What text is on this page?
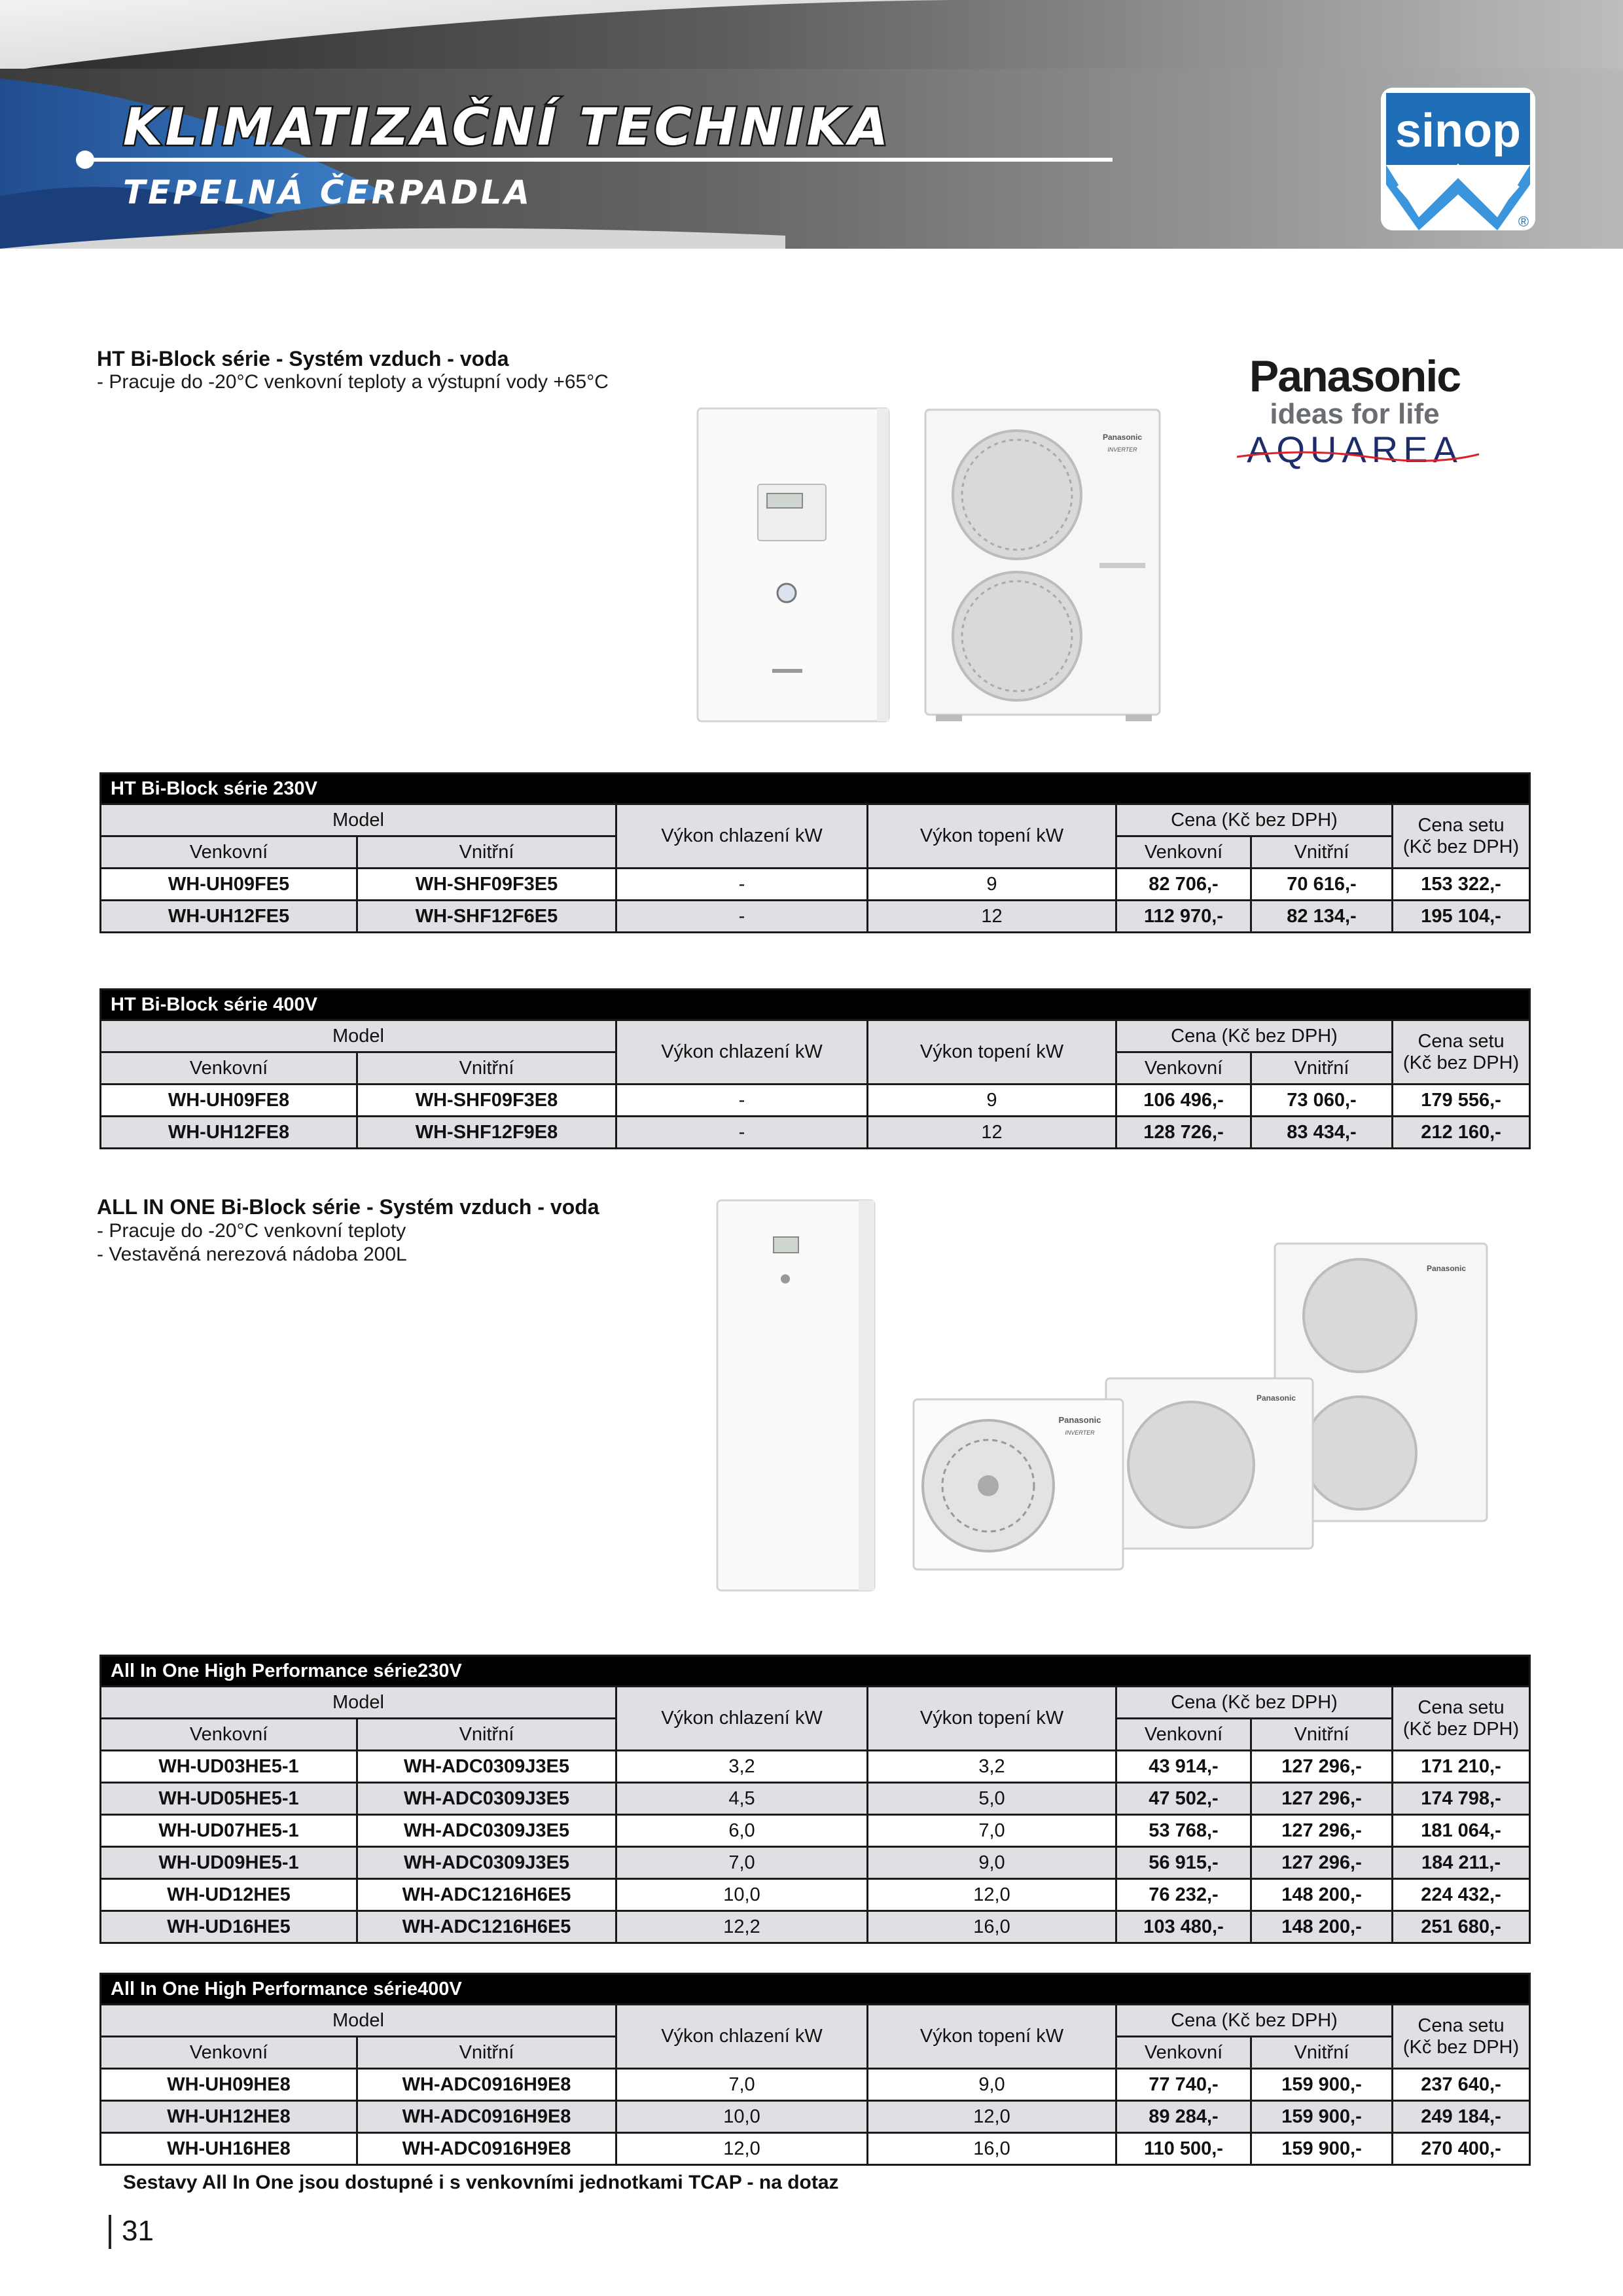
KLIMATIZAČNÍ TECHNIKA
TEPELNÁ ČERPADLA
sinop
®
HT Bi-Block série - Systém vzduch - voda
- Pracuje do -20°C venkovní teploty a výstupní vody +65°C	Panasonic
ideas for life
AQUAREA
Panasonic
INVERTER
HT Bi-Block série 230V						
Model		Výkon chlazení kW	Výkon topení kW	Cena (Kč bez DPH)		Cena setu
(Kč bez DPH)

Venkovní	Vnitřní			Venkovní	Vnitřní	
WH-UH09FE5	WH-SHF09F3E5	-	9	82 706,-	70 616,-	153 322,-
WH-UH12FE5	WH-SHF12F6E5	-	12	112 970,-	82 134,-	195 104,-
HT Bi-Block série 400V						
Model		Výkon chlazení kW	Výkon topení kW	Cena (Kč bez DPH)		Cena setu
(Kč bez DPH)

Venkovní	Vnitřní			Venkovní	Vnitřní	
WH-UH09FE8	WH-SHF09F3E8	-	9	106 496,-	73 060,-	179 556,-
WH-UH12FE8	WH-SHF12F9E8	-	12	128 726,-	83 434,-	212 160,-
ALL IN ONE Bi-Block série - Systém vzduch - voda
- Pracuje do -20°C venkovní teploty
- Vestavěná nerezová nádoba 200L
Panasonic
Panasonic
Panasonic
INVERTER
All In One High Performance série230V						
Model		Výkon chlazení kW	Výkon topení kW	Cena (Kč bez DPH)		Cena setu
(Kč bez DPH)

Venkovní	Vnitřní			Venkovní	Vnitřní	
WH-UD03HE5-1	WH-ADC0309J3E5	3,2	3,2	43 914,-	127 296,-	171 210,-
WH-UD05HE5-1	WH-ADC0309J3E5	4,5	5,0	47 502,-	127 296,-	174 798,-
WH-UD07HE5-1	WH-ADC0309J3E5	6,0	7,0	53 768,-	127 296,-	181 064,-
WH-UD09HE5-1	WH-ADC0309J3E5	7,0	9,0	56 915,-	127 296,-	184 211,-
WH-UD12HE5	WH-ADC1216H6E5	10,0	12,0	76 232,-	148 200,-	224 432,-
WH-UD16HE5	WH-ADC1216H6E5	12,2	16,0	103 480,-	148 200,-	251 680,-
All In One High Performance série400V						
Model		Výkon chlazení kW	Výkon topení kW	Cena (Kč bez DPH)		Cena setu
(Kč bez DPH)

Venkovní	Vnitřní			Venkovní	Vnitřní	
WH-UH09HE8	WH-ADC0916H9E8	7,0	9,0	77 740,-	159 900,-	237 640,-
WH-UH12HE8	WH-ADC0916H9E8	10,0	12,0	89 284,-	159 900,-	249 184,-
WH-UH16HE8	WH-ADC0916H9E8	12,0	16,0	110 500,-	159 900,-	270 400,-
Sestavy All In One jsou dostupné i s venkovními jednotkami TCAP - na dotaz
31
